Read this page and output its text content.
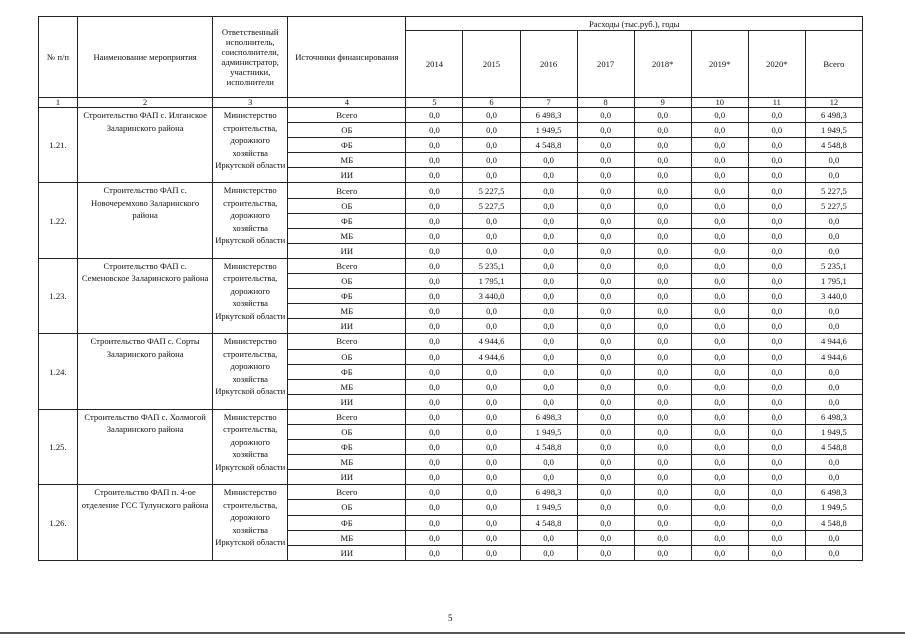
№ п/п	Наименование мероприятия	Ответственный исполнитель, соисполнители, администратор, участники, исполнители	Источники финансирования	Расходы (тыс.руб.), годы							
				2014	2015	2016	2017	2018*	2019*	2020*	Всего
1	2	3	4	5	6	7	8	9	10	11	12
1.21.	Строительство ФАП с. Илганское Заларинского района	Министерство строительства, дорожного хозяйства Иркутской области	Всего	0,0	0,0	6 498,3	0,0	0,0	0,0	0,0	6 498,3
			ОБ	0,0	0,0	1 949,5	0,0	0,0	0,0	0,0	1 949,5
			ФБ	0,0	0,0	4 548,8	0,0	0,0	0,0	0,0	4 548,8
			МБ	0,0	0,0	0,0	0,0	0,0	0,0	0,0	0,0
			ИИ	0,0	0,0	0,0	0,0	0,0	0,0	0,0	0,0
1.22.	Строительство ФАП с. Новочеремхово Заларинского района	Министерство строительства, дорожного хозяйства Иркутской области	Всего	0,0	5 227,5	0,0	0,0	0,0	0,0	0,0	5 227,5
			ОБ	0,0	5 227,5	0,0	0,0	0,0	0,0	0,0	5 227,5
			ФБ	0,0	0,0	0,0	0,0	0,0	0,0	0,0	0,0
			МБ	0,0	0,0	0,0	0,0	0,0	0,0	0,0	0,0
			ИИ	0,0	0,0	0,0	0,0	0,0	0,0	0,0	0,0
1.23.	Строительство ФАП с. Семеновское Заларинского района	Министерство строительства, дорожного хозяйства Иркутской области	Всего	0,0	5 235,1	0,0	0,0	0,0	0,0	0,0	5 235,1
			ОБ	0,0	1 795,1	0,0	0,0	0,0	0,0	0,0	1 795,1
			ФБ	0,0	3 440,0	0,0	0,0	0,0	0,0	0,0	3 440,0
			МБ	0,0	0,0	0,0	0,0	0,0	0,0	0,0	0,0
			ИИ	0,0	0,0	0,0	0,0	0,0	0,0	0,0	0,0
1.24.	Строительство ФАП с. Сорты Заларинского района	Министерство строительства, дорожного хозяйства Иркутской области	Всего	0,0	4 944,6	0,0	0,0	0,0	0,0	0,0	4 944,6
			ОБ	0,0	4 944,6	0,0	0,0	0,0	0,0	0,0	4 944,6
			ФБ	0,0	0,0	0,0	0,0	0,0	0,0	0,0	0,0
			МБ	0,0	0,0	0,0	0,0	0,0	0,0	0,0	0,0
			ИИ	0,0	0,0	0,0	0,0	0,0	0,0	0,0	0,0
1.25.	Строительство ФАП с. Холмогой Заларинского района	Министерство строительства, дорожного хозяйства Иркутской области	Всего	0,0	0,0	6 498,3	0,0	0,0	0,0	0,0	6 498,3
			ОБ	0,0	0,0	1 949,5	0,0	0,0	0,0	0,0	1 949,5
			ФБ	0,0	0,0	4 548,8	0,0	0,0	0,0	0,0	4 548,8
			МБ	0,0	0,0	0,0	0,0	0,0	0,0	0,0	0,0
			ИИ	0,0	0,0	0,0	0,0	0,0	0,0	0,0	0,0
1.26.	Строительство ФАП п. 4-ое отделение ГСС Тулунского района	Министерство строительства, дорожного хозяйства Иркутской области	Всего	0,0	0,0	6 498,3	0,0	0,0	0,0	0,0	6 498,3
			ОБ	0,0	0,0	1 949,5	0,0	0,0	0,0	0,0	1 949,5
			ФБ	0,0	0,0	4 548,8	0,0	0,0	0,0	0,0	4 548,8
			МБ	0,0	0,0	0,0	0,0	0,0	0,0	0,0	0,0
			ИИ	0,0	0,0	0,0	0,0	0,0	0,0	0,0	0,0
5
